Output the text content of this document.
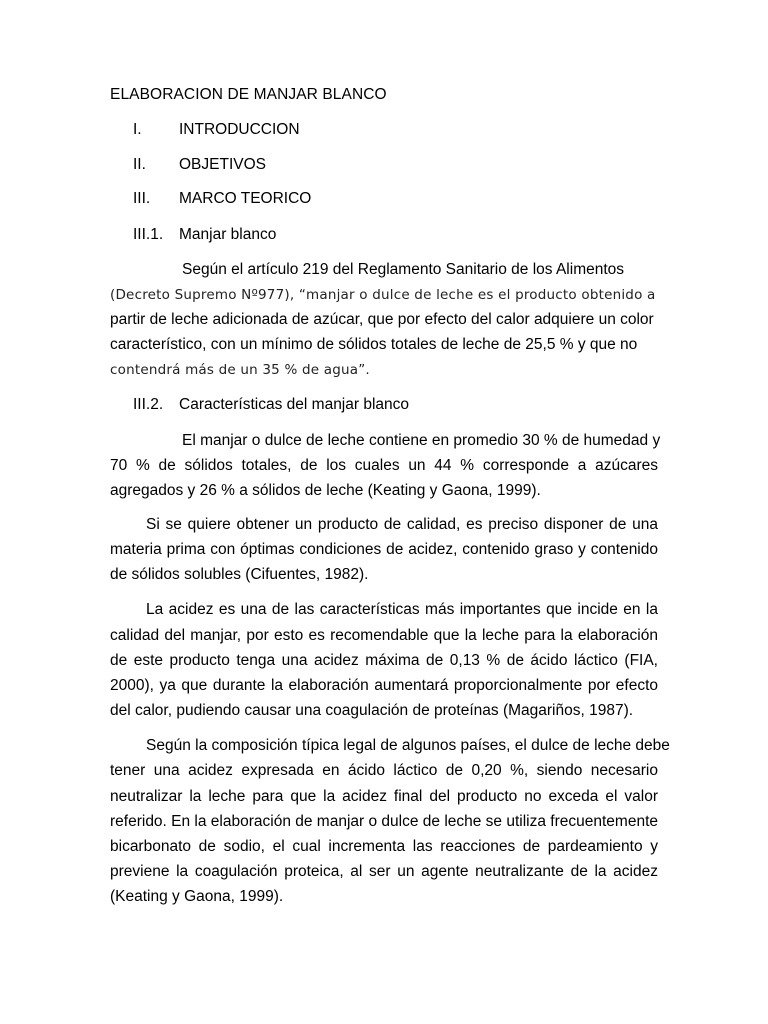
ELABORACION DE MANJAR BLANCO
I. INTRODUCCION
II. OBJETIVOS
III. MARCO TEORICO
III.1. Manjar blanco
Según el artículo 219 del Reglamento Sanitario de los Alimentos
(Decreto Supremo Nº977), “manjar o dulce de leche es el producto obtenido a
partir de leche adicionada de azúcar, que por efecto del calor adquiere un color
característico, con un mínimo de sólidos totales de leche de 25,5 % y que no
contendrá más de un 35 % de agua”.
III.2. Características del manjar blanco
El manjar o dulce de leche contiene en promedio 30 % de humedad y
70 % de sólidos totales, de los cuales un 44 % corresponde a azúcares
agregados y 26 % a sólidos de leche (Keating y Gaona, 1999).
Si se quiere obtener un producto de calidad, es preciso disponer de una
materia prima con óptimas condiciones de acidez, contenido graso y contenido
de sólidos solubles (Cifuentes, 1982).
La acidez es una de las características más importantes que incide en la
calidad del manjar, por esto es recomendable que la leche para la elaboración
de este producto tenga una acidez máxima de 0,13 % de ácido láctico (FIA,
2000), ya que durante la elaboración aumentará proporcionalmente por efecto
del calor, pudiendo causar una coagulación de proteínas (Magariños, 1987).
Según la composición típica legal de algunos países, el dulce de leche debe
tener una acidez expresada en ácido láctico de 0,20 %, siendo necesario
neutralizar la leche para que la acidez final del producto no exceda el valor
referido. En la elaboración de manjar o dulce de leche se utiliza frecuentemente
bicarbonato de sodio, el cual incrementa las reacciones de pardeamiento y
previene la coagulación proteica, al ser un agente neutralizante de la acidez
(Keating y Gaona, 1999).
